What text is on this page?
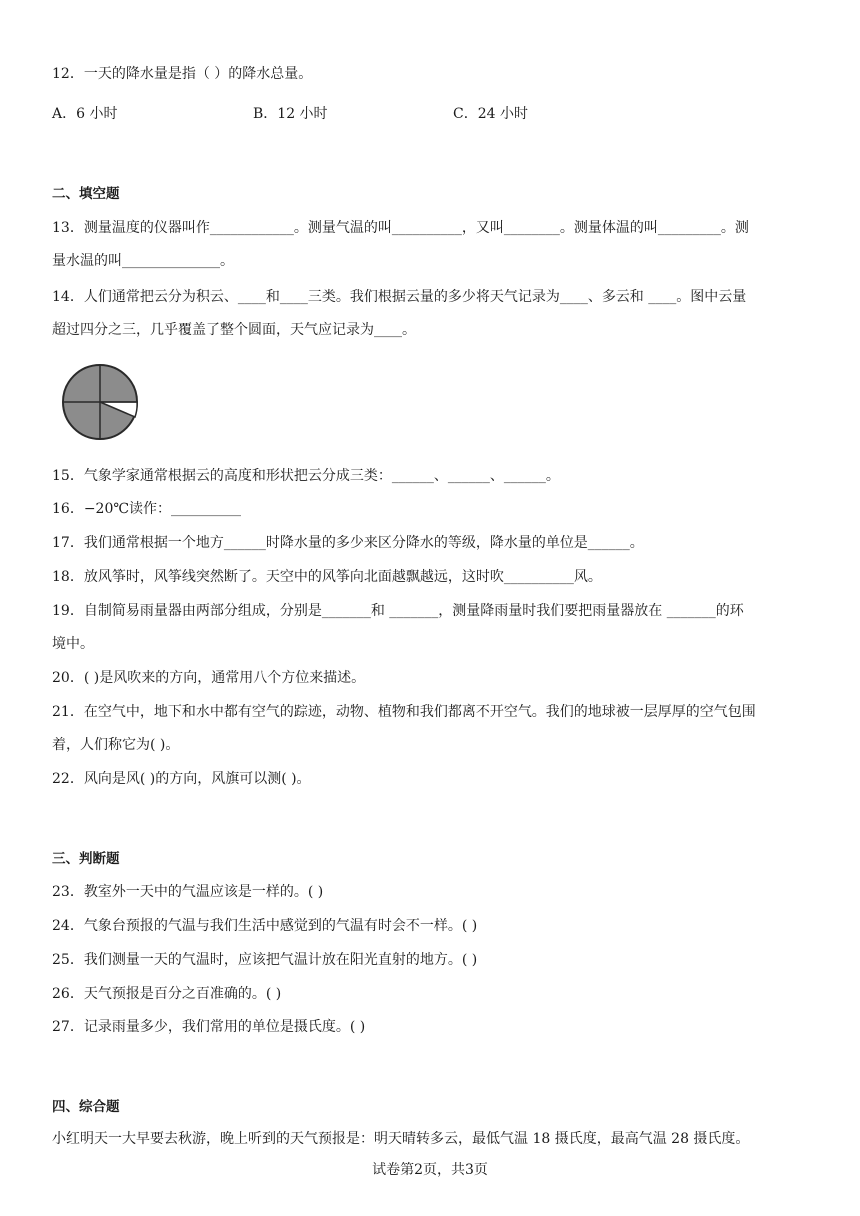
12．一天的降水量是指（ ）的降水总量。
A．6 小时	B．12 小时	C．24 小时
二、填空题
13．测量温度的仪器叫作____________。测量气温的叫__________，又叫________。测量体温的叫_________。测
量水温的叫______________。
14．人们通常把云分为积云、____和____三类。我们根据云量的多少将天气记录为____、多云和 ____。图中云量
超过四分之三，几乎覆盖了整个圆面，天气应记录为____。
15．气象学家通常根据云的高度和形状把云分成三类：______、______、______。
16．−20℃读作：__________
17．我们通常根据一个地方______时降水量的多少来区分降水的等级，降水量的单位是______。
18．放风筝时，风筝线突然断了。天空中的风筝向北面越飘越远，这时吹__________风。
19．自制简易雨量器由两部分组成，分别是_______和 _______，测量降雨量时我们要把雨量器放在 _______的环
境中。
20．( )是风吹来的方向，通常用八个方位来描述。
21．在空气中，地下和水中都有空气的踪迹，动物、植物和我们都离不开空气。我们的地球被一层厚厚的空气包围
着，人们称它为( )。
22．风向是风( )的方向，风旗可以测( )。
三、判断题
23．教室外一天中的气温应该是一样的。( )
24．气象台预报的气温与我们生活中感觉到的气温有时会不一样。( )
25．我们测量一天的气温时，应该把气温计放在阳光直射的地方。( )
26．天气预报是百分之百准确的。( )
27．记录雨量多少，我们常用的单位是摄氏度。( )
四、综合题
小红明天一大早要去秋游，晚上听到的天气预报是：明天晴转多云，最低气温 18 摄氏度，最高气温 28 摄氏度。
试卷第2页，共3页
